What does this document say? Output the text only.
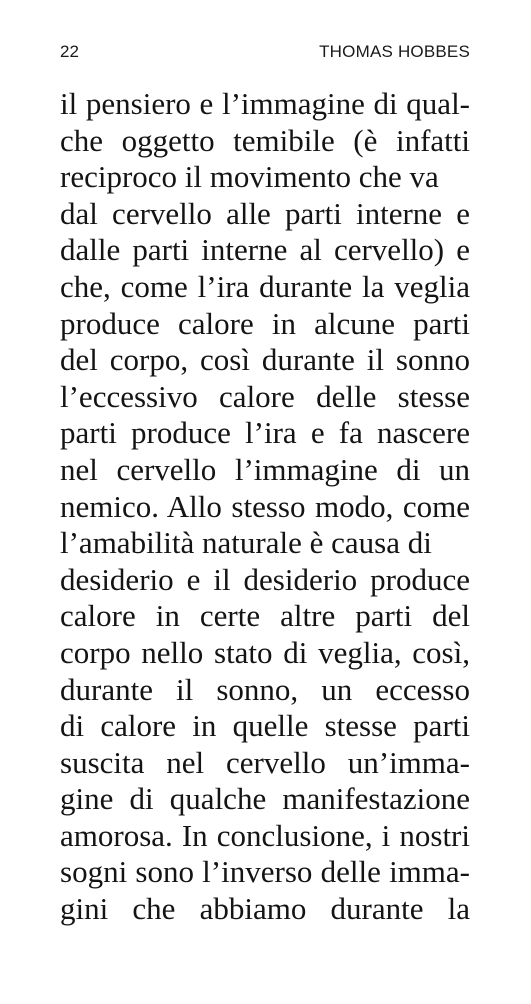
22	THOMAS HOBBES
il pensiero e l’immagine di qual-
che oggetto temibile (è infatti
reciproco il movimento che va
dal cervello alle parti interne e
dalle parti interne al cervello) e
che, come l’ira durante la veglia
produce calore in alcune parti
del corpo, così durante il sonno
l’eccessivo calore delle stesse
parti produce l’ira e fa nascere
nel cervello l’immagine di un
nemico. Allo stesso modo, come
l’amabilità naturale è causa di
desiderio e il desiderio produce
calore in certe altre parti del
corpo nello stato di veglia, così,
durante il sonno, un eccesso
di calore in quelle stesse parti
suscita nel cervello un’imma-
gine di qualche manifestazione
amorosa. In conclusione, i nostri
sogni sono l’inverso delle imma-
gini che abbiamo durante la
